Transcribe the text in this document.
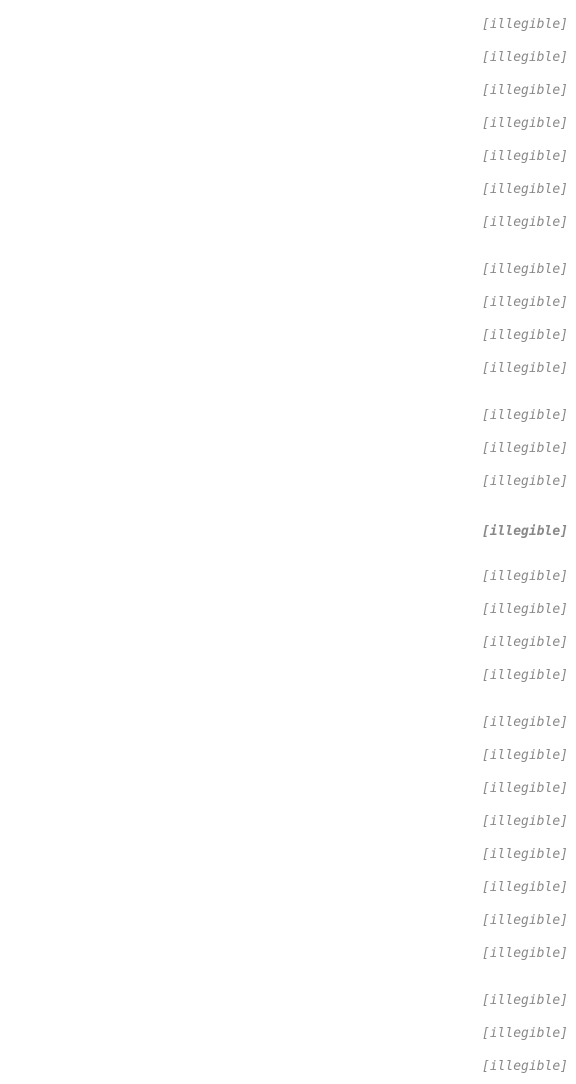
[illegible]
[illegible]
[illegible]
[illegible]
[illegible]
[illegible]
[illegible]
[illegible]
[illegible]
[illegible]
[illegible]
[illegible]
[illegible]
[illegible]
[illegible]
[illegible]
[illegible]
[illegible]
[illegible]
[illegible]
[illegible]
[illegible]
[illegible]
[illegible]
[illegible]
[illegible]
[illegible]
[illegible]
[illegible]
[illegible]
